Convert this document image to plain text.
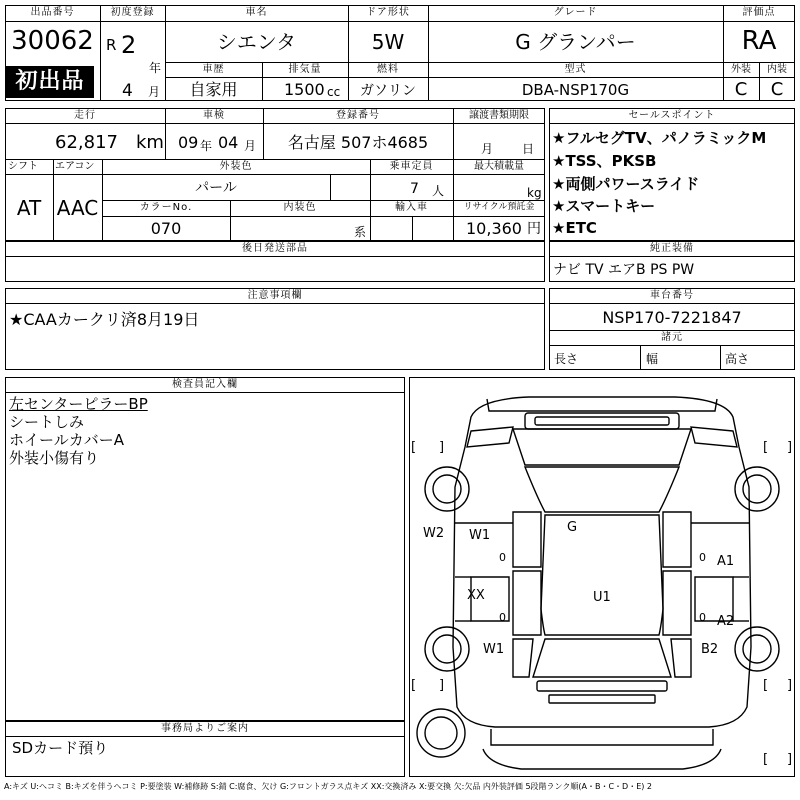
出品番号
30062
初出品
初度登録
R 2
年
4 月
車名
シエンタ
ドア形状
5W
グレード
G グランパー
評価点
RA
車歴
自家用
排気量
1500 cc
燃料
ガソリン
型式
DBA-NSP170G
外装
C
内装
C
走行
62,817 km
車検
09 年 04 月
登録番号
名古屋 507ホ4685
譲渡書類期限
月 日
シフト
AT
エアコン
AAC
外装色
パール
乗車定員
7 人
最大積載量
kg
カラーNo.
070
内装色
系
輸入車	リサイクル預託金
10,360 円
後日発送部品
セールスポイント
★フルセグTV、パノラミックM
★TSS、PKSB
★両側パワースライド
★スマートキー
★ETC
純正装備
ナビ TV エアB PS PW
注意事項欄
★CAAカークリ済8月19日
車台番号
NSP170-7221847
諸元
長さ	幅	高さ
検査員記入欄
左センターピラーBP
シートしみ
ホイールカバーA
外装小傷有り
事務局よりご案内
SDカード預り
[ ]	[ ]
[ ]	[ ]
[ ]
W2 W1
G
A1
XX	U1
A2
W1	B2
0
0
0
0
A:キズ U:ヘコミ B:キズを伴うヘコミ P:要塗装 W:補修跡 S:錆 C:腐食、欠け G:フロントガラス点キズ XX:交換済み X:要交換 欠:欠品 内外装評価 5段階ランク順(A・B・C・D・E) 2
